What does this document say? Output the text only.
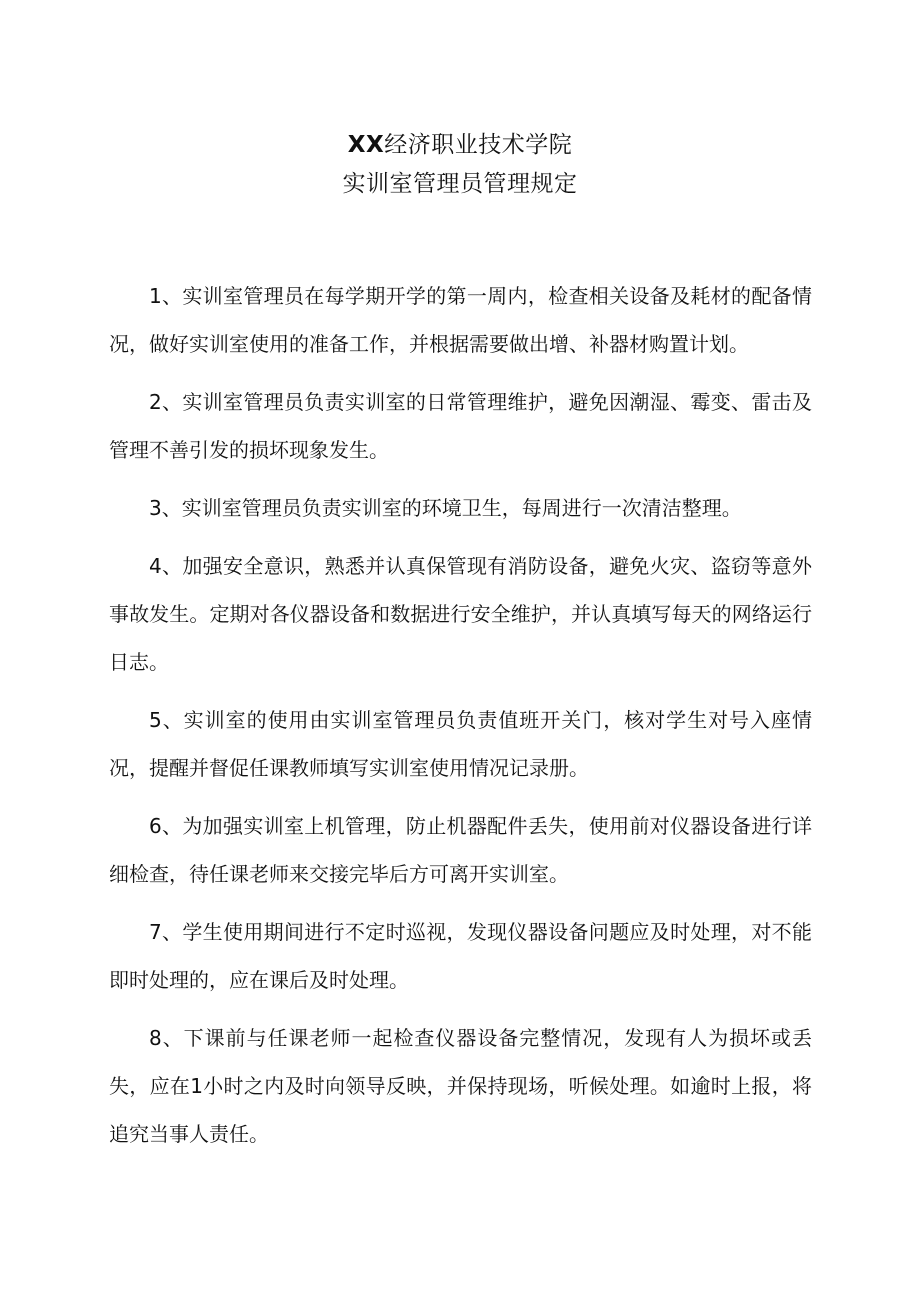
XX经济职业技术学院
实训室管理员管理规定

1、实训室管理员在每学期开学的第一周内，检查相关设备及耗材的配备情况，做好实训室使用的准备工作，并根据需要做出增、补器材购置计划。

2、实训室管理员负责实训室的日常管理维护，避免因潮湿、霉变、雷击及管理不善引发的损坏现象发生。

3、实训室管理员负责实训室的环境卫生，每周进行一次清洁整理。

4、加强安全意识，熟悉并认真保管现有消防设备，避免火灾、盗窃等意外事故发生。定期对各仪器设备和数据进行安全维护，并认真填写每天的网络运行日志。

5、实训室的使用由实训室管理员负责值班开关门，核对学生对号入座情况，提醒并督促任课教师填写实训室使用情况记录册。

6、为加强实训室上机管理，防止机器配件丢失，使用前对仪器设备进行详细检查，待任课老师来交接完毕后方可离开实训室。

7、学生使用期间进行不定时巡视，发现仪器设备问题应及时处理，对不能即时处理的，应在课后及时处理。

8、下课前与任课老师一起检查仪器设备完整情况，发现有人为损坏或丢失，应在1小时之内及时向领导反映，并保持现场，听候处理。如逾时上报，将追究当事人责任。
